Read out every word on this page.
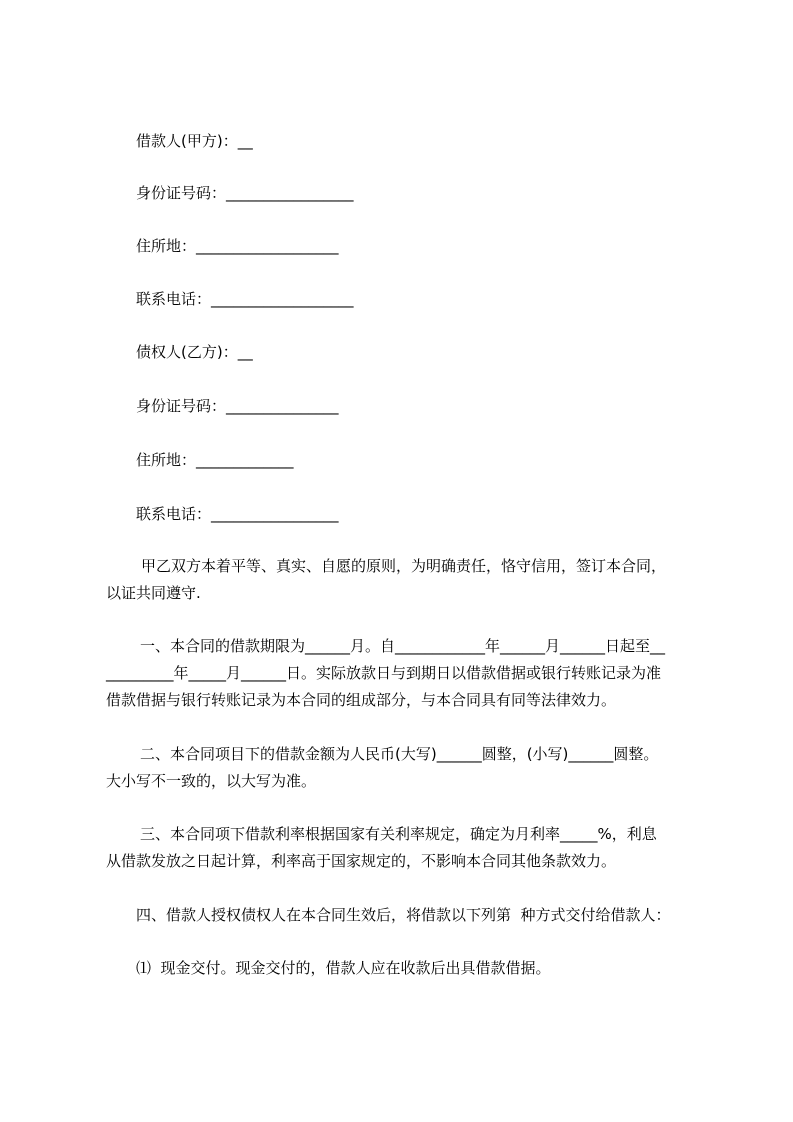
借款人(甲方)：__
身份证号码：_________________
住所地：___________________
联系电话：___________________
债权人(乙方)：__
身份证号码：_______________
住所地：_____________
联系电话：_________________
甲乙双方本着平等、真实、自愿的原则，为明确责任，恪守信用，签订本合同，
以证共同遵守.
一、本合同的借款期限为______月。自____________年______月______日起至__
_________年_____月______日。实际放款日与到期日以借款借据或银行转账记录为准
借款借据与银行转账记录为本合同的组成部分，与本合同具有同等法律效力。
二、本合同项目下的借款金额为人民币(大写)______圆整，(小写)______圆整。
大小写不一致的，以大写为准。
三、本合同项下借款利率根据国家有关利率规定，确定为月利率_____%，利息
从借款发放之日起计算，利率高于国家规定的，不影响本合同其他条款效力。
四、借款人授权债权人在本合同生效后，将借款以下列第  种方式交付给借款人：
⑴  现金交付。现金交付的，借款人应在收款后出具借款借据。
